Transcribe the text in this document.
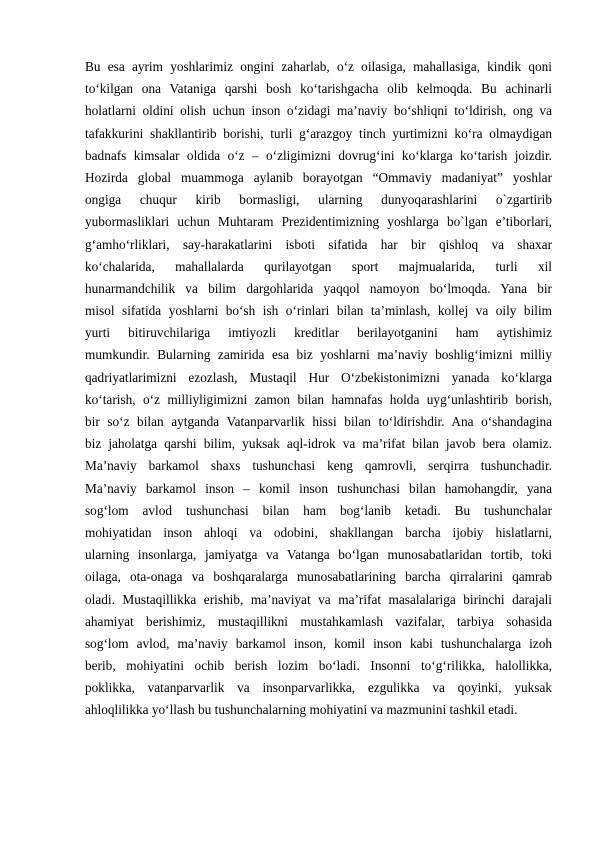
Bu esa ayrim yoshlarimiz ongini zaharlab, o‘z oilasiga, mahallasiga, kindik qoni
to‘kilgan ona Vataniga qarshi bosh ko‘tarishgacha olib kelmoqda. Bu achinarli
holatlarni oldini olish uchun inson o‘zidagi ma’naviy bo‘shliqni to‘ldirish, ong va
tafakkurini shakllantirib borishi, turli g‘arazgoy tinch yurtimizni ko‘ra olmaydigan
badnafs kimsalar oldida o‘z – o‘zligimizni dovrug‘ini ko‘klarga ko‘tarish joizdir.
Hozirda global muammoga aylanib borayotgan “Ommaviy madaniyat” yoshlar
ongiga chuqur kirib bormasligi, ularning dunyoqarashlarini o`zgartirib
yubormasliklari uchun Muhtaram Prezidentimizning yoshlarga bo`lgan e’tiborlari,
g‘amho‘rliklari, say-harakatlarini isboti sifatida har bir qishloq va shaxar
ko‘chalarida, mahallalarda qurilayotgan sport majmualarida, turli xil
hunarmandchilik va bilim dargohlarida yaqqol namoyon bo‘lmoqda. Yana bir
misol sifatida yoshlarni bo‘sh ish o‘rinlari bilan ta’minlash, kollej va oily bilim
yurti bitiruvchilariga imtiyozli kreditlar berilayotganini ham aytishimiz
mumkundir. Bularning zamirida esa biz yoshlarni ma’naviy boshlig‘imizni milliy
qadriyatlarimizni ezozlash, Mustaqil Hur O‘zbekistonimizni yanada ko‘klarga
ko‘tarish, o‘z milliyligimizni zamon bilan hamnafas holda uyg‘unlashtirib borish,
bir so‘z bilan aytganda Vatanparvarlik hissi bilan to‘ldirishdir. Ana o‘shandagina
biz jaholatga qarshi bilim, yuksak aql-idrok va ma’rifat bilan javob bera olamiz.
Ma’naviy barkamol shaxs tushunchasi keng qamrovli, serqirra tushunchadir.
Ma’naviy barkamol inson – komil inson tushunchasi bilan hamohangdir, yana
sog‘lom avlod tushunchasi bilan ham bog‘lanib ketadi. Bu tushunchalar
mohiyatidan inson ahloqi va odobini, shakllangan barcha ijobiy hislatlarni,
ularning insonlarga, jamiyatga va Vatanga bo‘lgan munosabatlaridan tortib, toki
oilaga, ota-onaga va boshqaralarga munosabatlarining barcha qirralarini qamrab
oladi. Mustaqillikka erishib, ma’naviyat va ma’rifat masalalariga birinchi darajali
ahamiyat berishimiz, mustaqillikni mustahkamlash vazifalar, tarbiya sohasida
sog‘lom avlod, ma’naviy barkamol inson, komil inson kabi tushunchalarga izoh
berib, mohiyatini ochib berish lozim bo‘ladi. Insonni to‘g‘rilikka, halollikka,
poklikka, vatanparvarlik va insonparvarlikka, ezgulikka va qoyinki, yuksak
ahloqlilikka yo‘llash bu tushunchalarning mohiyatini va mazmunini tashkil etadi.
